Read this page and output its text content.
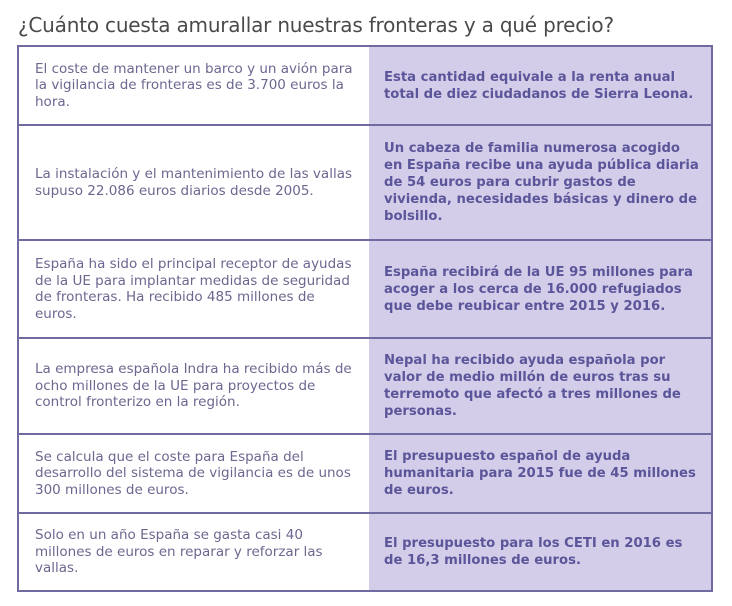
¿Cuánto cuesta amurallar nuestras fronteras y a qué precio?
El coste de mantener un barco y un avión para la vigilancia de fronteras es de 3.700 euros la hora.
Esta cantidad equivale a la renta anual total de diez ciudadanos de Sierra Leona.
La instalación y el mantenimiento de las vallas supuso 22.086 euros diarios desde 2005.
Un cabeza de familia numerosa acogido en España recibe una ayuda pública diaria de 54 euros para cubrir gastos de vivienda, necesidades básicas y dinero de bolsillo.
España ha sido el principal receptor de ayudas de la UE para implantar medidas de seguridad de fronteras. Ha recibido 485 millones de euros.
España recibirá de la UE 95 millones para acoger a los cerca de 16.000 refugiados que debe reubicar entre 2015 y 2016.
La empresa española Indra ha recibido más de ocho millones de la UE para proyectos de control fronterizo en la región.
Nepal ha recibido ayuda española por valor de medio millón de euros tras su terremoto que afectó a tres millones de personas.
Se calcula que el coste para España del desarrollo del sistema de vigilancia es de unos 300 millones de euros.
El presupuesto español de ayuda humanitaria para 2015 fue de 45 millones de euros.
Solo en un año España se gasta casi 40 millones de euros en reparar y reforzar las vallas.
El presupuesto para los CETI en 2016 es de 16,3 millones de euros.
